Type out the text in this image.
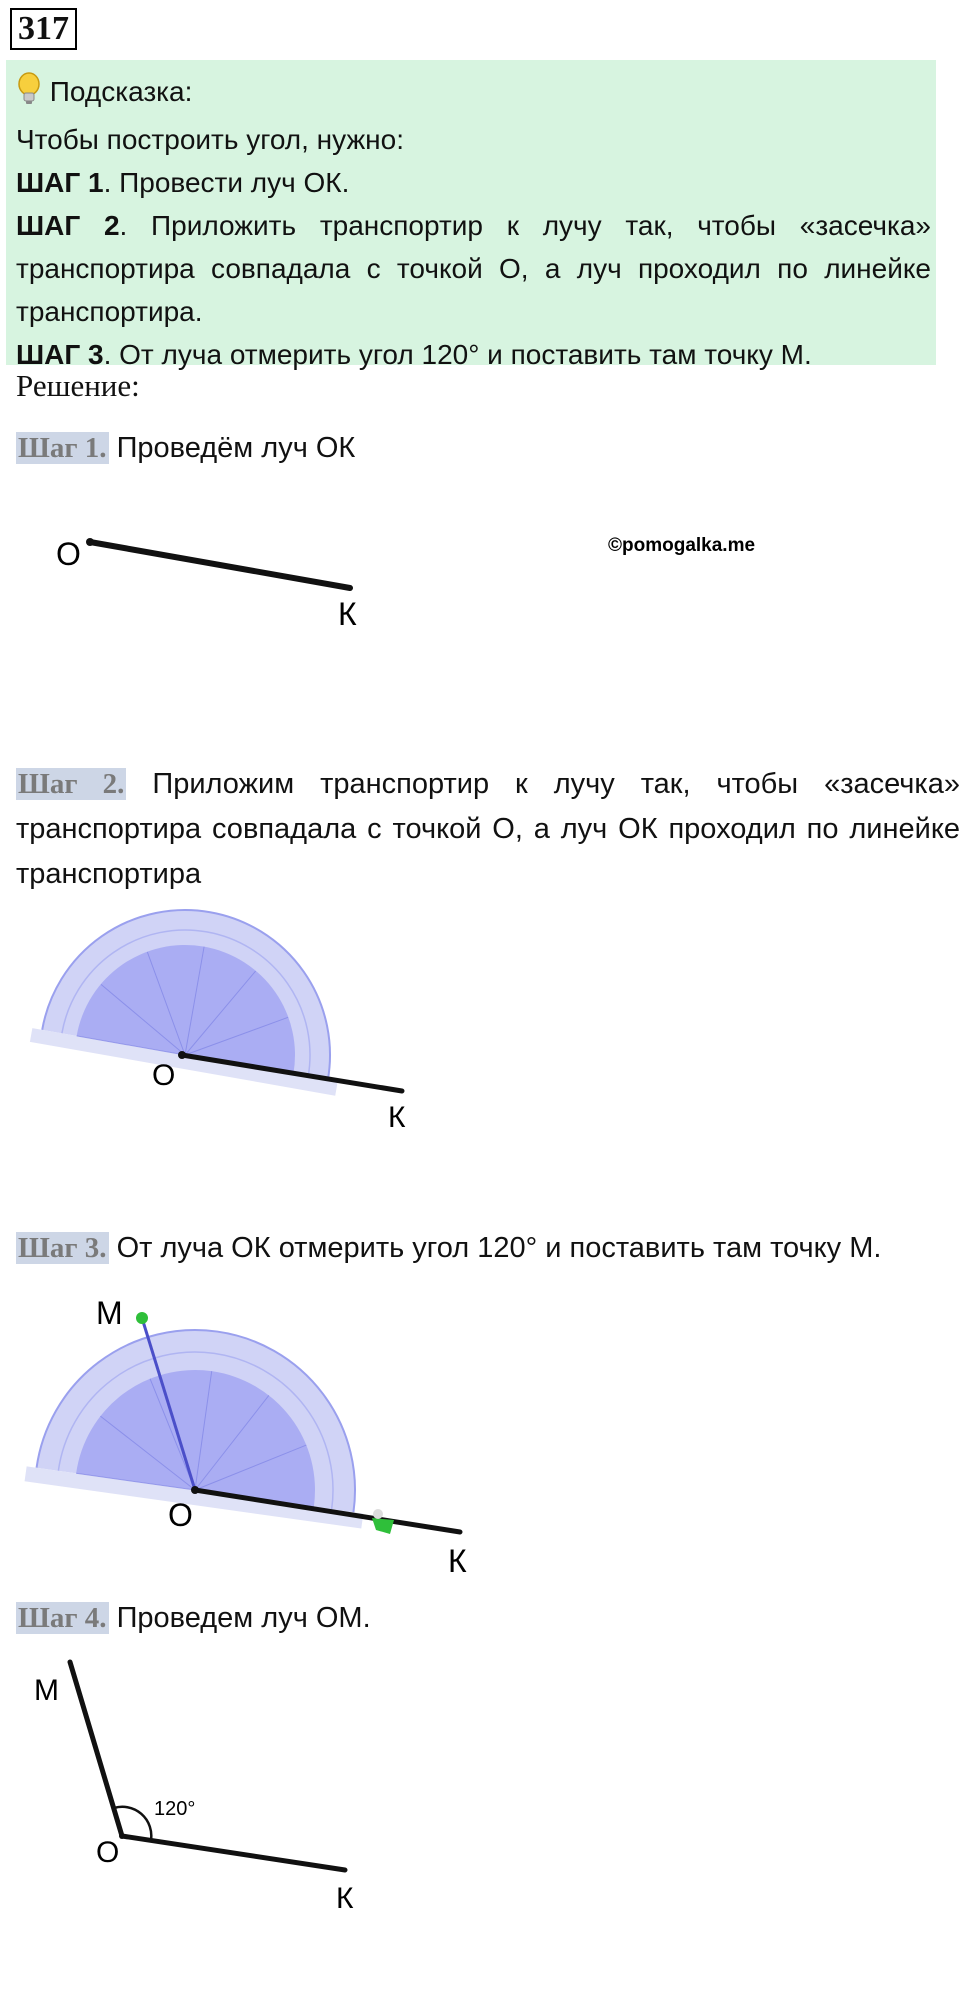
317

Подсказка:

Чтобы построить угол, нужно:

ШАГ 1. Провести луч ОК.

ШАГ 2. Приложить транспортир к лучу так, чтобы «засечка» транспортира совпадала с точкой О, а луч проходил по линейке транспортира.

ШАГ 3. От луча отмерить угол 120° и поставить там точку М.

Решение:
Шаг 1. Проведём луч ОК
О
К
©pomogalka.me
Шаг 2. Приложим транспортир к лучу так, чтобы «засечка» транспортира совпадала с точкой О, а луч ОК проходил по линейке транспортира
О
К
Шаг 3. От луча ОК отмерить угол 120° и поставить там точку М.
М
О
К
Шаг 4. Проведем луч ОМ.
120°
М
О
К
